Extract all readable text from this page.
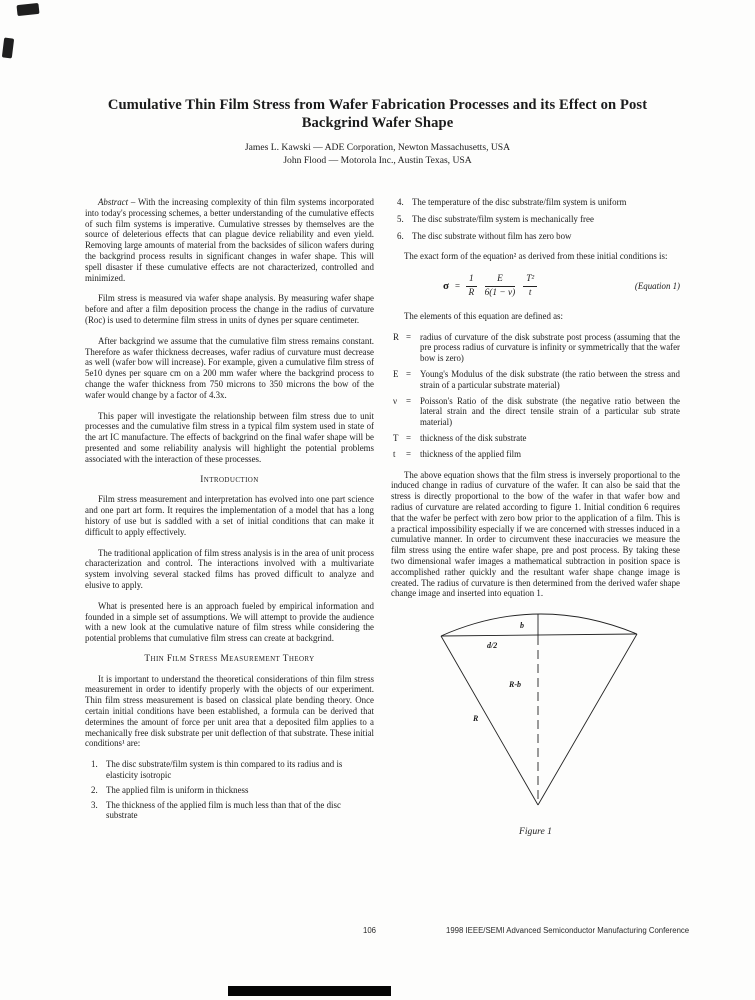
Cumulative Thin Film Stress from Wafer Fabrication Processes and its Effect on Post Backgrind Wafer Shape
James L. Kawski — ADE Corporation, Newton Massachusetts, USA
John Flood — Motorola Inc., Austin Texas, USA

Abstract – With the increasing complexity of thin film systems incorporated into today's processing schemes, a better understanding of the cumulative effects of such film systems is imperative. Cumulative stresses by themselves are the source of deleterious effects that can plague device reliability and even yield. Removing large amounts of material from the backsides of silicon wafers during the backgrind process results in significant changes in wafer shape. This will spell disaster if these cumulative effects are not characterized, controlled and minimized.

Film stress is measured via wafer shape analysis. By measuring wafer shape before and after a film deposition process the change in the radius of curvature (Roc) is used to determine film stress in units of dynes per square centimeter.

After backgrind we assume that the cumulative film stress remains constant. Therefore as wafer thickness decreases, wafer radius of curvature must decrease as well (wafer bow will increase). For example, given a cumulative film stress of 5e10 dynes per square cm on a 200 mm wafer where the backgrind process to change the wafer thickness from 750 microns to 350 microns the bow of the wafer would change by a factor of 4.3x.

This paper will investigate the relationship between film stress due to unit processes and the cumulative film stress in a typical film system used in state of the art IC manufacture. The effects of backgrind on the final wafer shape will be presented and some reliability analysis will highlight the potential problems associated with the interaction of these processes.

Introduction

Film stress measurement and interpretation has evolved into one part science and one part art form. It requires the implementation of a model that has a long history of use but is saddled with a set of initial conditions that can make it difficult to apply effectively.

The traditional application of film stress analysis is in the area of unit process characterization and control. The interactions involved with a multivariate system involving several stacked films has proved difficult to analyze and elusive to apply.

What is presented here is an approach fueled by empirical information and founded in a simple set of assumptions. We will attempt to provide the audience with a new look at the cumulative nature of film stress while considering the potential problems that cumulative film stress can create at backgrind.

Thin Film Stress Measurement Theory

It is important to understand the theoretical considerations of thin film stress measurement in order to identify properly with the objects of our experiment. Thin film stress measurement is based on classical plate bending theory. Once certain initial conditions have been established, a formula can be derived that determines the amount of force per unit area that a deposited film applies to a mechanically free disk substrate per unit deflection of that substrate. These initial conditions¹ are:

1. The disc substrate/film system is thin compared to its radius and is elasticity isotropic
2. The applied film is uniform in thickness
3. The thickness of the applied film is much less than that of the disc substrate
4. The temperature of the disc substrate/film system is uniform
5. The disc substrate/film system is mechanically free
6. The disc substrate without film has zero bow

The exact form of the equation² as derived from these initial conditions is:

$\sigma = \frac{1}{R} \frac{E}{6(1 - \nu)} \frac{\text{T²}}{t}$	(Equation 1)

The elements of this equation are defined as:

R =	radius of curvature of the disk substrate post process (assuming that the pre process radius of curvature is infinity or symmetrically that the wafer bow is zero)
E =	Young's Modulus of the disk substrate (the ratio between the stress and strain of a particular substrate material)
ν	=	Poisson's Ratio of the disk substrate (the negative ratio between the lateral strain and the direct tensile strain of a particular sub strate material)
T =	thickness of the disk substrate
t	=	thickness of the applied film

The above equation shows that the film stress is inversely proportional to the induced change in radius of curvature of the wafer. It can also be said that the stress is directly proportional to the bow of the wafer in that wafer bow and radius of curvature are related according to figure 1. Initial condition 6 requires that the wafer be perfect with zero bow prior to the application of a film. This is a practical impossibility especially if we are concerned with stresses induced in a cumulative manner. In order to circumvent these inaccuracies we measure the film stress using the entire wafer shape, pre and post process. By taking these two dimensional wafer images a mathematical subtraction in position space is accomplished rather quickly and the resultant wafer shape change image is created. The radius of curvature is then determined from the derived wafer shape change image and inserted into equation 1.

b
d/2
R-b
R
Figure 1
106	1998 IEEE/SEMI Advanced Semiconductor Manufacturing Conference
